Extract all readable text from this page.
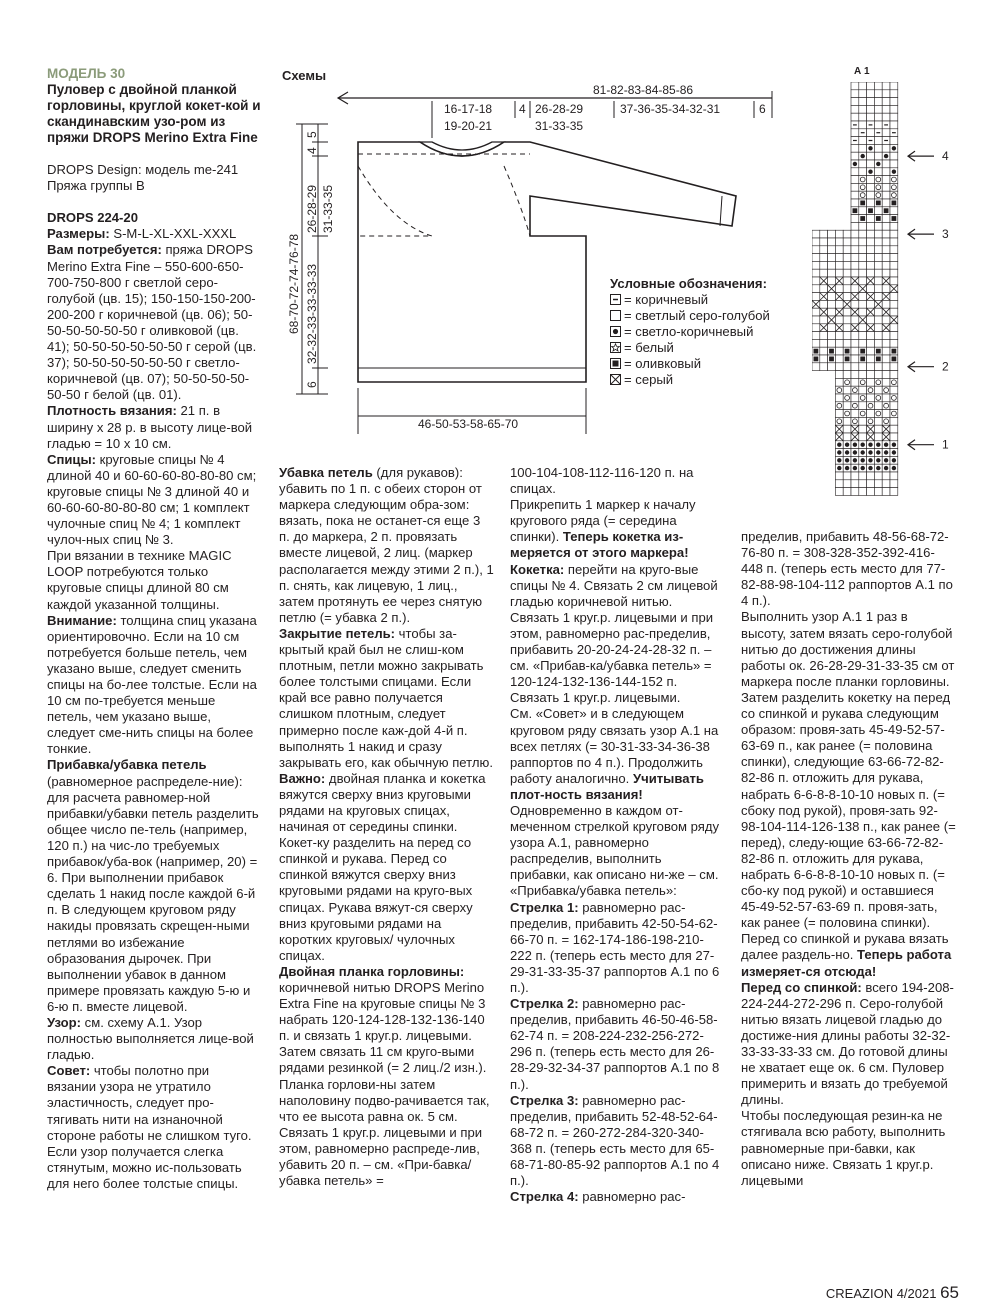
МОДЕЛЬ 30

Пуловер с двойной планкой горловины, круглой кокет-кой и скандинавским узо-ром из пряжи DROPS Merino Extra Fine

DROPS Design: модель me-241 Пряжа группы B

DROPS 224-20

Размеры: S-M-L-XL-XXL-XXXL

Вам потребуется: пряжа DROPS Merino Extra Fine – 550-600-650-700-750-800 г светлой серо-голубой (цв. 15); 150-150-150-200-200-200 г коричневой (цв. 06); 50-50-50-50-50-50 г оливковой (цв. 41); 50-50-50-50-50-50 г серой (цв. 37); 50-50-50-50-50-50 г светло-коричневой (цв. 07); 50-50-50-50-50-50 г белой (цв. 01).

Плотность вязания: 21 п. в ширину х 28 р. в высоту лице-вой гладью = 10 х 10 см.

Спицы: круговые спицы № 4 длиной 40 и 60-60-60-80-80-80 см; круговые спицы № 3 длиной 40 и 60-60-60-80-80-80 см; 1 комплект чулочные спиц № 4; 1 комплект чулоч-ных спиц № 3.

При вязании в технике MAGIC LOOP потребуются только круговые спицы длиной 80 см каждой указанной толщины.

Внимание: толщина спиц указана ориентировочно. Если на 10 см потребуется больше петель, чем указано выше, следует сменить спицы на бо-лее толстые. Если на 10 см по-требуется меньше петель, чем указано выше, следует сме-нить спицы на более тонкие.

Прибавка/убавка петель (равномерное распределе-ние): для расчета равномер-ной прибавки/убавки петель разделить общее число пе-тель (например, 120 п.) на чис-ло требуемых прибавок/уба-вок (например, 20) = 6. При выполнении прибавок сделать 1 накид после каждой 6-й п. В следующем круговом ряду накиды провязать скрещен-ными петлями во избежание образования дырочек. При выполнении убавок в данном примере провязать каждую 5-ю и 6-ю п. вместе лицевой.

Узор: см. схему А.1. Узор полностью выполняется лице-вой гладью.

Совет: чтобы полотно при вязании узора не утратило эластичность, следует про-тягивать нити на изнаночной стороне работы не слишком туго. Если узор получается слегка стянутым, можно ис-пользовать для него более толстые спицы.

Убавка петель (для рукавов): убавить по 1 п. с обеих сторон от маркера следующим обра-зом: вязать, пока не останет-ся еще 3 п. до маркера, 2 п. провязать вместе лицевой, 2 лиц. (маркер располагается между этими 2 п.), 1 п. снять, как лицевую, 1 лиц., затем протянуть ее через снятую петлю (= убавка 2 п.).

Закрытие петель: чтобы за-крытый край был не слиш-ком плотным, петли можно закрывать более толстыми спицами. Если край все равно получается слишком плотным, следует примерно после каж-дой 4-й п. выполнять 1 накид и сразу закрывать его, как обычную петлю.

Важно: двойная планка и кокетка вяжутся сверху вниз круговыми рядами на круговых спицах, начиная от середины спинки. Кокет-ку разделить на перед со спинкой и рукава. Перед со спинкой вяжутся сверху вниз круговыми рядами на круго-вых спицах. Рукава вяжут-ся сверху вниз круговыми рядами на коротких круговых/ чулочных спицах.

Двойная планка горловины: коричневой нитью DROPS Merino Extra Fine на круговые спицы № 3 набрать 120-124-128-132-136-140 п. и связать 1 круг.р. лицевыми.

Затем связать 11 см круго-выми рядами резинкой (= 2 лиц./2 изн.). Планка горлови-ны затем наполовину подво-рачивается так, что ее высота равна ок. 5 см. Связать 1 круг.р. лицевыми и при этом, равномерно распреде-лив, убавить 20 п. – см. «При-бавка/убавка петель» =

100-104-108-112-116-120 п. на спицах.

Прикрепить 1 маркер к началу кругового ряда (= середина спинки). Теперь кокетка из-меряется от этого маркера!

Кокетка: перейти на круго-вые спицы № 4. Связать 2 см лицевой гладью коричневой нитью.

Связать 1 круг.р. лицевыми и при этом, равномерно рас-пределив, прибавить 20-20-24-24-28-32 п. – см. «Прибав-ка/убавка петель» = 120-124-132-136-144-152 п. Связать 1 круг.р. лицевыми.

См. «Совет» и в следующем круговом ряду связать узор А.1 на всех петлях (= 30-31-33-34-36-38 раппортов по 4 п.). Продолжить работу аналогично. Учитывать плот-ность вязания!

Одновременно в каждом от-меченном стрелкой круговом ряду узора А.1, равномерно распределив, выполнить прибавки, как описано ни-же – см. «Прибавка/убавка петель»:

Стрелка 1: равномерно рас-пределив, прибавить 42-50-54-62-66-70 п. = 162-174-186-198-210-222 п. (теперь есть место для 27-29-31-33-35-37 раппортов А.1 по 6 п.).

Стрелка 2: равномерно рас-пределив, прибавить 46-50-46-58-62-74 п. = 208-224-232-256-272-296 п. (теперь есть место для 26-28-29-32-34-37 раппортов А.1 по 8 п.).

Стрелка 3: равномерно рас-пределив, прибавить 52-48-52-64-68-72 п. = 260-272-284-320-340-368 п. (теперь есть место для 65-68-71-80-85-92 раппортов А.1 по 4 п.).

Стрелка 4: равномерно рас-

пределив, прибавить 48-56-68-72-76-80 п. = 308-328-352-392-416-448 п. (теперь есть место для 77-82-88-98-104-112 раппортов А.1 по 4 п.).

Выполнить узор А.1 1 раз в высоту, затем вязать серо-голубой нитью до достижения длины работы ок. 26-28-29-31-33-35 см от маркера после планки горловины.

Затем разделить кокетку на перед со спинкой и рукава следующим образом: провя-зать 45-49-52-57-63-69 п., как ранее (= половина спинки), следующие 63-66-72-82-82-86 п. отложить для рукава, набрать 6-6-8-8-10-10 новых п. (= сбоку под рукой), провя-зать 92-98-104-114-126-138 п., как ранее (= перед), следу-ющие 63-66-72-82-82-86 п. отложить для рукава, набрать 6-6-8-8-10-10 новых п. (= сбо-ку под рукой) и оставшиеся 45-49-52-57-63-69 п. провя-зать, как ранее (= половина спинки). Перед со спинкой и рукава вязать далее раздель-но. Теперь работа измеряет-ся отсюда!

Перед со спинкой: всего 194-208-224-244-272-296 п. Серо-голубой нитью вязать лицевой гладью до достиже-ния длины работы 32-32-33-33-33-33 см. До готовой длины не хватает еще ок. 6 см. Пуловер примерить и вязать до требуемой длины.

Чтобы последующая резин-ка не стягивала всю работу, выполнить равномерные при-бавки, как описано ниже. Связать 1 круг.р. лицевыми

Схемы
81-82-83-84-85-86
16-17-18
19-20-21
4 26-28-29
31-33-35
37-36-35-34-32-31	6
5
4
26-28-29 31-33-35
68-70-72-74-76-78 32-32-33-33-33-33
6
46-50-53-58-65-70
Условные обозначения:
= коричневый
= светлый серо-голубой
= светло-коричневый
= белый
= оливковый
= серый
А 1
4
3
2
1
CREAZION 4/2021 65
